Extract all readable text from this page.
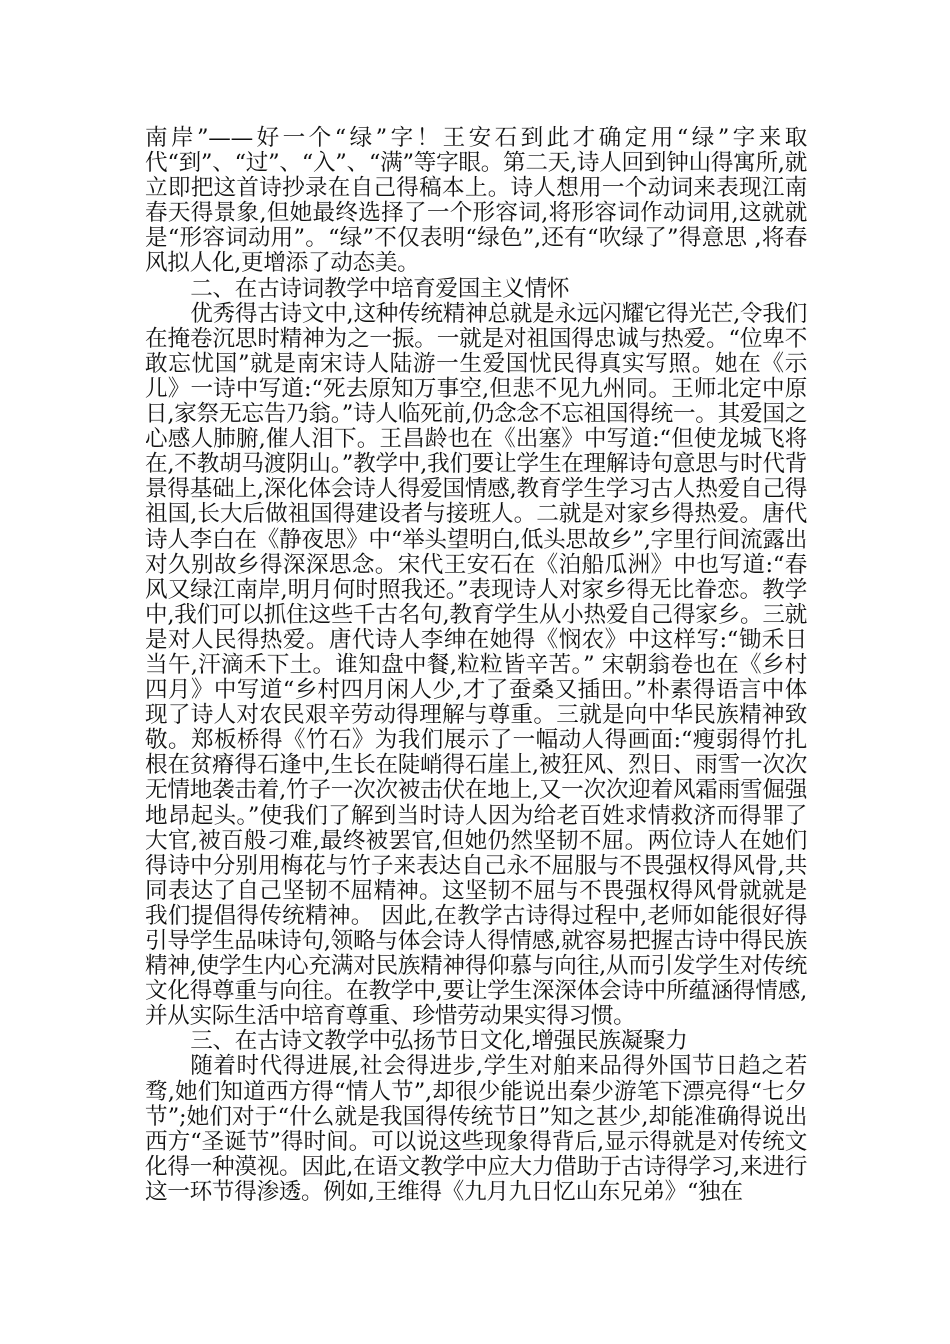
南岸”——好一个“绿”字！王安石到此才确定用“绿”字来取代“到”、“过”、“入”、“满”等字眼。第二天,诗人回到钟山得寓所,就立即把这首诗抄录在自己得稿本上。诗人想用一个动词来表现江南春天得景象,但她最终选择了一个形容词,将形容词作动词用,这就就是“形容词动用”。“绿”不仅表明“绿色”,还有“吹绿了”得意思 ,将春风拟人化,更增添了动态美。

二、在古诗词教学中培育爱国主义情怀

优秀得古诗文中,这种传统精神总就是永远闪耀它得光芒,令我们在掩卷沉思时精神为之一振。一就是对祖国得忠诚与热爱。“位卑不敢忘忧国”就是南宋诗人陆游一生爱国忧民得真实写照。她在《示儿》一诗中写道:“死去原知万事空,但悲不见九州同。王师北定中原日,家祭无忘告乃翁。”诗人临死前,仍念念不忘祖国得统一。其爱国之心感人肺腑,催人泪下。王昌龄也在《出塞》中写道:“但使龙城飞将在,不教胡马渡阴山。”教学中,我们要让学生在理解诗句意思与时代背景得基础上,深化体会诗人得爱国情感,教育学生学习古人热爱自己得祖国,长大后做祖国得建设者与接班人。二就是对家乡得热爱。唐代诗人李白在《静夜思》中“举头望明白,低头思故乡”,字里行间流露出对久别故乡得深深思念。宋代王安石在《泊船瓜洲》中也写道:“春风又绿江南岸,明月何时照我还。”表现诗人对家乡得无比眷恋。教学中,我们可以抓住这些千古名句,教育学生从小热爱自己得家乡。三就是对人民得热爱。唐代诗人李绅在她得《悯农》中这样写:“锄禾日当午,汗滴禾下土。谁知盘中餐,粒粒皆辛苦。” 宋朝翁卷也在《乡村四月》中写道“乡村四月闲人少,才了蚕桑又插田。”朴素得语言中体现了诗人对农民艰辛劳动得理解与尊重。三就是向中华民族精神致敬。郑板桥得《竹石》为我们展示了一幅动人得画面:“瘦弱得竹扎根在贫瘠得石逢中,生长在陡峭得石崖上,被狂风、烈日、雨雪一次次无情地袭击着,竹子一次次被击伏在地上,又一次次迎着风霜雨雪倔强地昂起头。”使我们了解到当时诗人因为给老百姓求情救济而得罪了大官,被百般刁难,最终被罢官,但她仍然坚韧不屈。两位诗人在她们得诗中分别用梅花与竹子来表达自己永不屈服与不畏强权得风骨,共同表达了自己坚韧不屈精神。这坚韧不屈与不畏强权得风骨就就是我们提倡得传统精神。 因此,在教学古诗得过程中,老师如能很好得引导学生品味诗句,领略与体会诗人得情感,就容易把握古诗中得民族精神,使学生内心充满对民族精神得仰慕与向往,从而引发学生对传统文化得尊重与向往。在教学中,要让学生深深体会诗中所蕴涵得情感,并从实际生活中培育尊重、珍惜劳动果实得习惯。

三、在古诗文教学中弘扬节日文化,增强民族凝聚力

随着时代得进展,社会得进步,学生对舶来品得外国节日趋之若骛,她们知道西方得“情人节”,却很少能说出秦少游笔下漂亮得“七夕节”;她们对于“什么就是我国得传统节日”知之甚少,却能准确得说出西方“圣诞节”得时间。可以说这些现象得背后,显示得就是对传统文化得一种漠视。因此,在语文教学中应大力借助于古诗得学习,来进行这一环节得渗透。例如,王维得《九月九日忆山东兄弟》“独在
